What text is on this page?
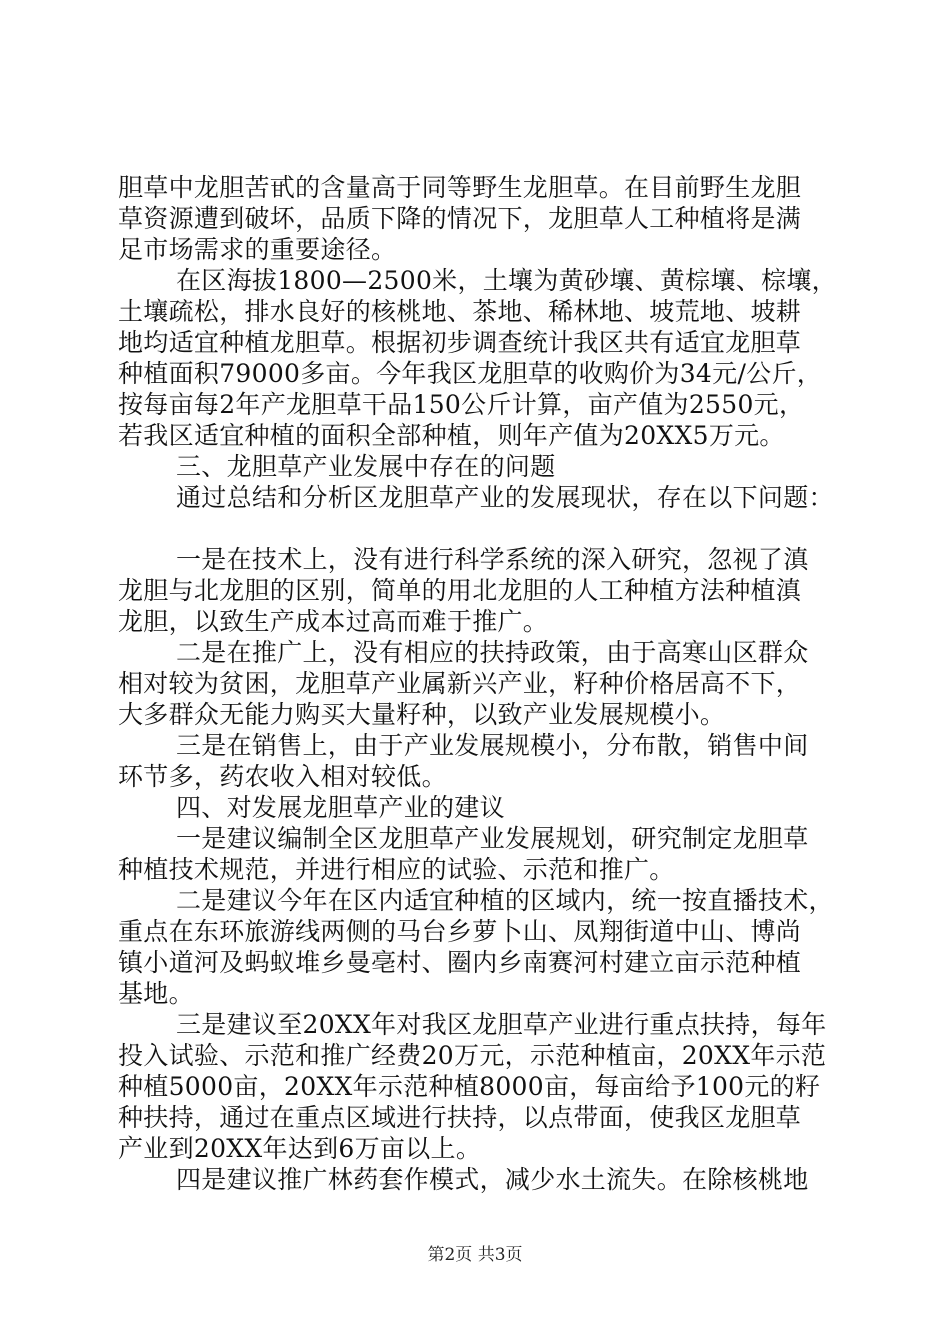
胆草中龙胆苦甙的含量高于同等野生龙胆草。在目前野生龙胆
草资源遭到破坏，品质下降的情况下，龙胆草人工种植将是满
足市场需求的重要途径。
在区海拔1800—2500米，土壤为黄砂壤、黄棕壤、棕壤，
土壤疏松，排水良好的核桃地、茶地、稀林地、坡荒地、坡耕
地均适宜种植龙胆草。根据初步调查统计我区共有适宜龙胆草
种植面积79000多亩。今年我区龙胆草的收购价为34元/公斤，
按每亩每2年产龙胆草干品150公斤计算，亩产值为2550元，
若我区适宜种植的面积全部种植，则年产值为20XX5万元。
三、龙胆草产业发展中存在的问题
通过总结和分析区龙胆草产业的发展现状，存在以下问题：
一是在技术上，没有进行科学系统的深入研究，忽视了滇
龙胆与北龙胆的区别，简单的用北龙胆的人工种植方法种植滇
龙胆，以致生产成本过高而难于推广。
二是在推广上，没有相应的扶持政策，由于高寒山区群众
相对较为贫困，龙胆草产业属新兴产业，籽种价格居高不下，
大多群众无能力购买大量籽种，以致产业发展规模小。
三是在销售上，由于产业发展规模小，分布散，销售中间
环节多，药农收入相对较低。
四、对发展龙胆草产业的建议
一是建议编制全区龙胆草产业发展规划，研究制定龙胆草
种植技术规范，并进行相应的试验、示范和推广。
二是建议今年在区内适宜种植的区域内，统一按直播技术，
重点在东环旅游线两侧的马台乡萝卜山、凤翔街道中山、博尚
镇小道河及蚂蚁堆乡曼亳村、圈内乡南赛河村建立亩示范种植
基地。
三是建议至20XX年对我区龙胆草产业进行重点扶持，每年
投入试验、示范和推广经费20万元，示范种植亩，20XX年示范
种植5000亩，20XX年示范种植8000亩，每亩给予100元的籽
种扶持，通过在重点区域进行扶持，以点带面，使我区龙胆草
产业到20XX年达到6万亩以上。
四是建议推广林药套作模式，减少水土流失。在除核桃地
第2页 共3页
